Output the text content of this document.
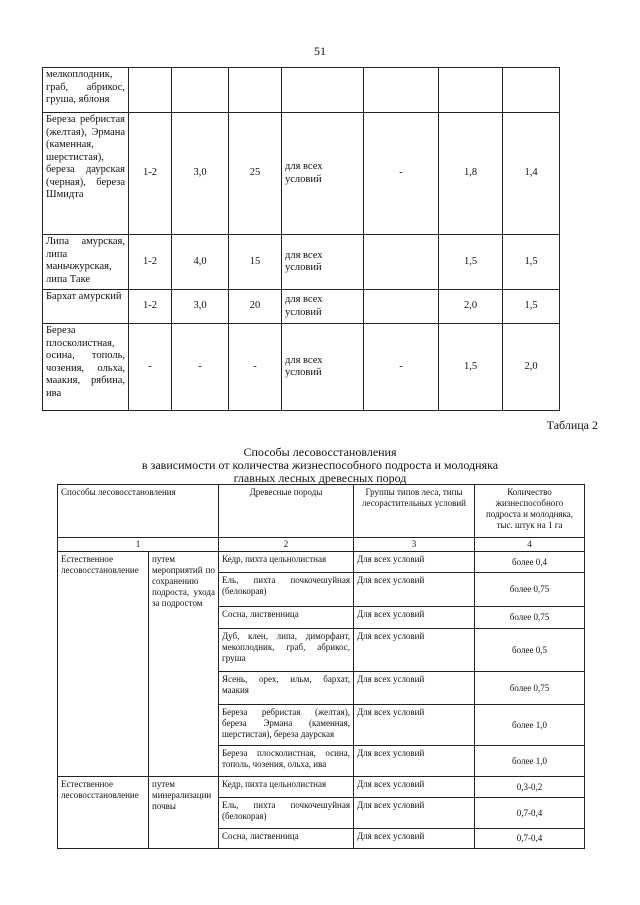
51
мелкоплодник, граб, абрикос, груша, яблоня							
Береза ребристая (желтая), Эрмана (каменная, шерстистая), береза даурская (черная), береза Шмидта	1-2	3,0	25	для всех условий	-	1,8	1,4
Липа амурская, липа маньчжурская, липа Таке	1-2	4,0	15	для всех условий		1,5	1,5
Бархат амурский	1-2	3,0	20	для всех условий		2,0	1,5
Береза плосколистная, осина, тополь, чозения, ольха, маакия, рябина, ива	-	-	-	для всех условий	-	1,5	2,0
Таблица 2
Способы лесовосстановления
в зависимости от количества жизнеспособного подроста и молодняка
главных лесных древесных пород
Способы лесовосстановления		Древесные породы	Группы типов леса, типы лесорастительных условий	Количество жизнеспособного подроста и молодняка, тыс. штук на 1 га
1		2	3	4
Естественное лесовосстановление	путем мероприятий по сохранению подроста, ухода за подростом	Кедр, пихта цельнолистная	Для всех условий	более 0,4
		Ель, пихта почкочешуйная (белокорая)	Для всех условий	более 0,75
		Сосна, лиственница	Для всех условий	более 0,75
		Дуб, клен, липа, диморфант, мекоплодник, граб, абрикос, груша	Для всех условий	более 0,5
		Ясень, орех, ильм, бархат, маакия	Для всех условий	более 0,75
		Береза ребристая (желтая), береза Эрмана (каменная, шерстистая), береза даурская	Для всех условий	более 1,0
		Береза плосколистная, осина, тополь, чозения, ольха, ива	Для всех условий	более 1,0
Естественное лесовосстановление	путем минерализации почвы	Кедр, пихта цельнолистная	Для всех условий	0,3-0,2
		Ель, пихта почкочешуйная (белокорая)	Для всех условий	0,7-0,4
		Сосна, лиственница	Для всех условий	0,7-0,4
